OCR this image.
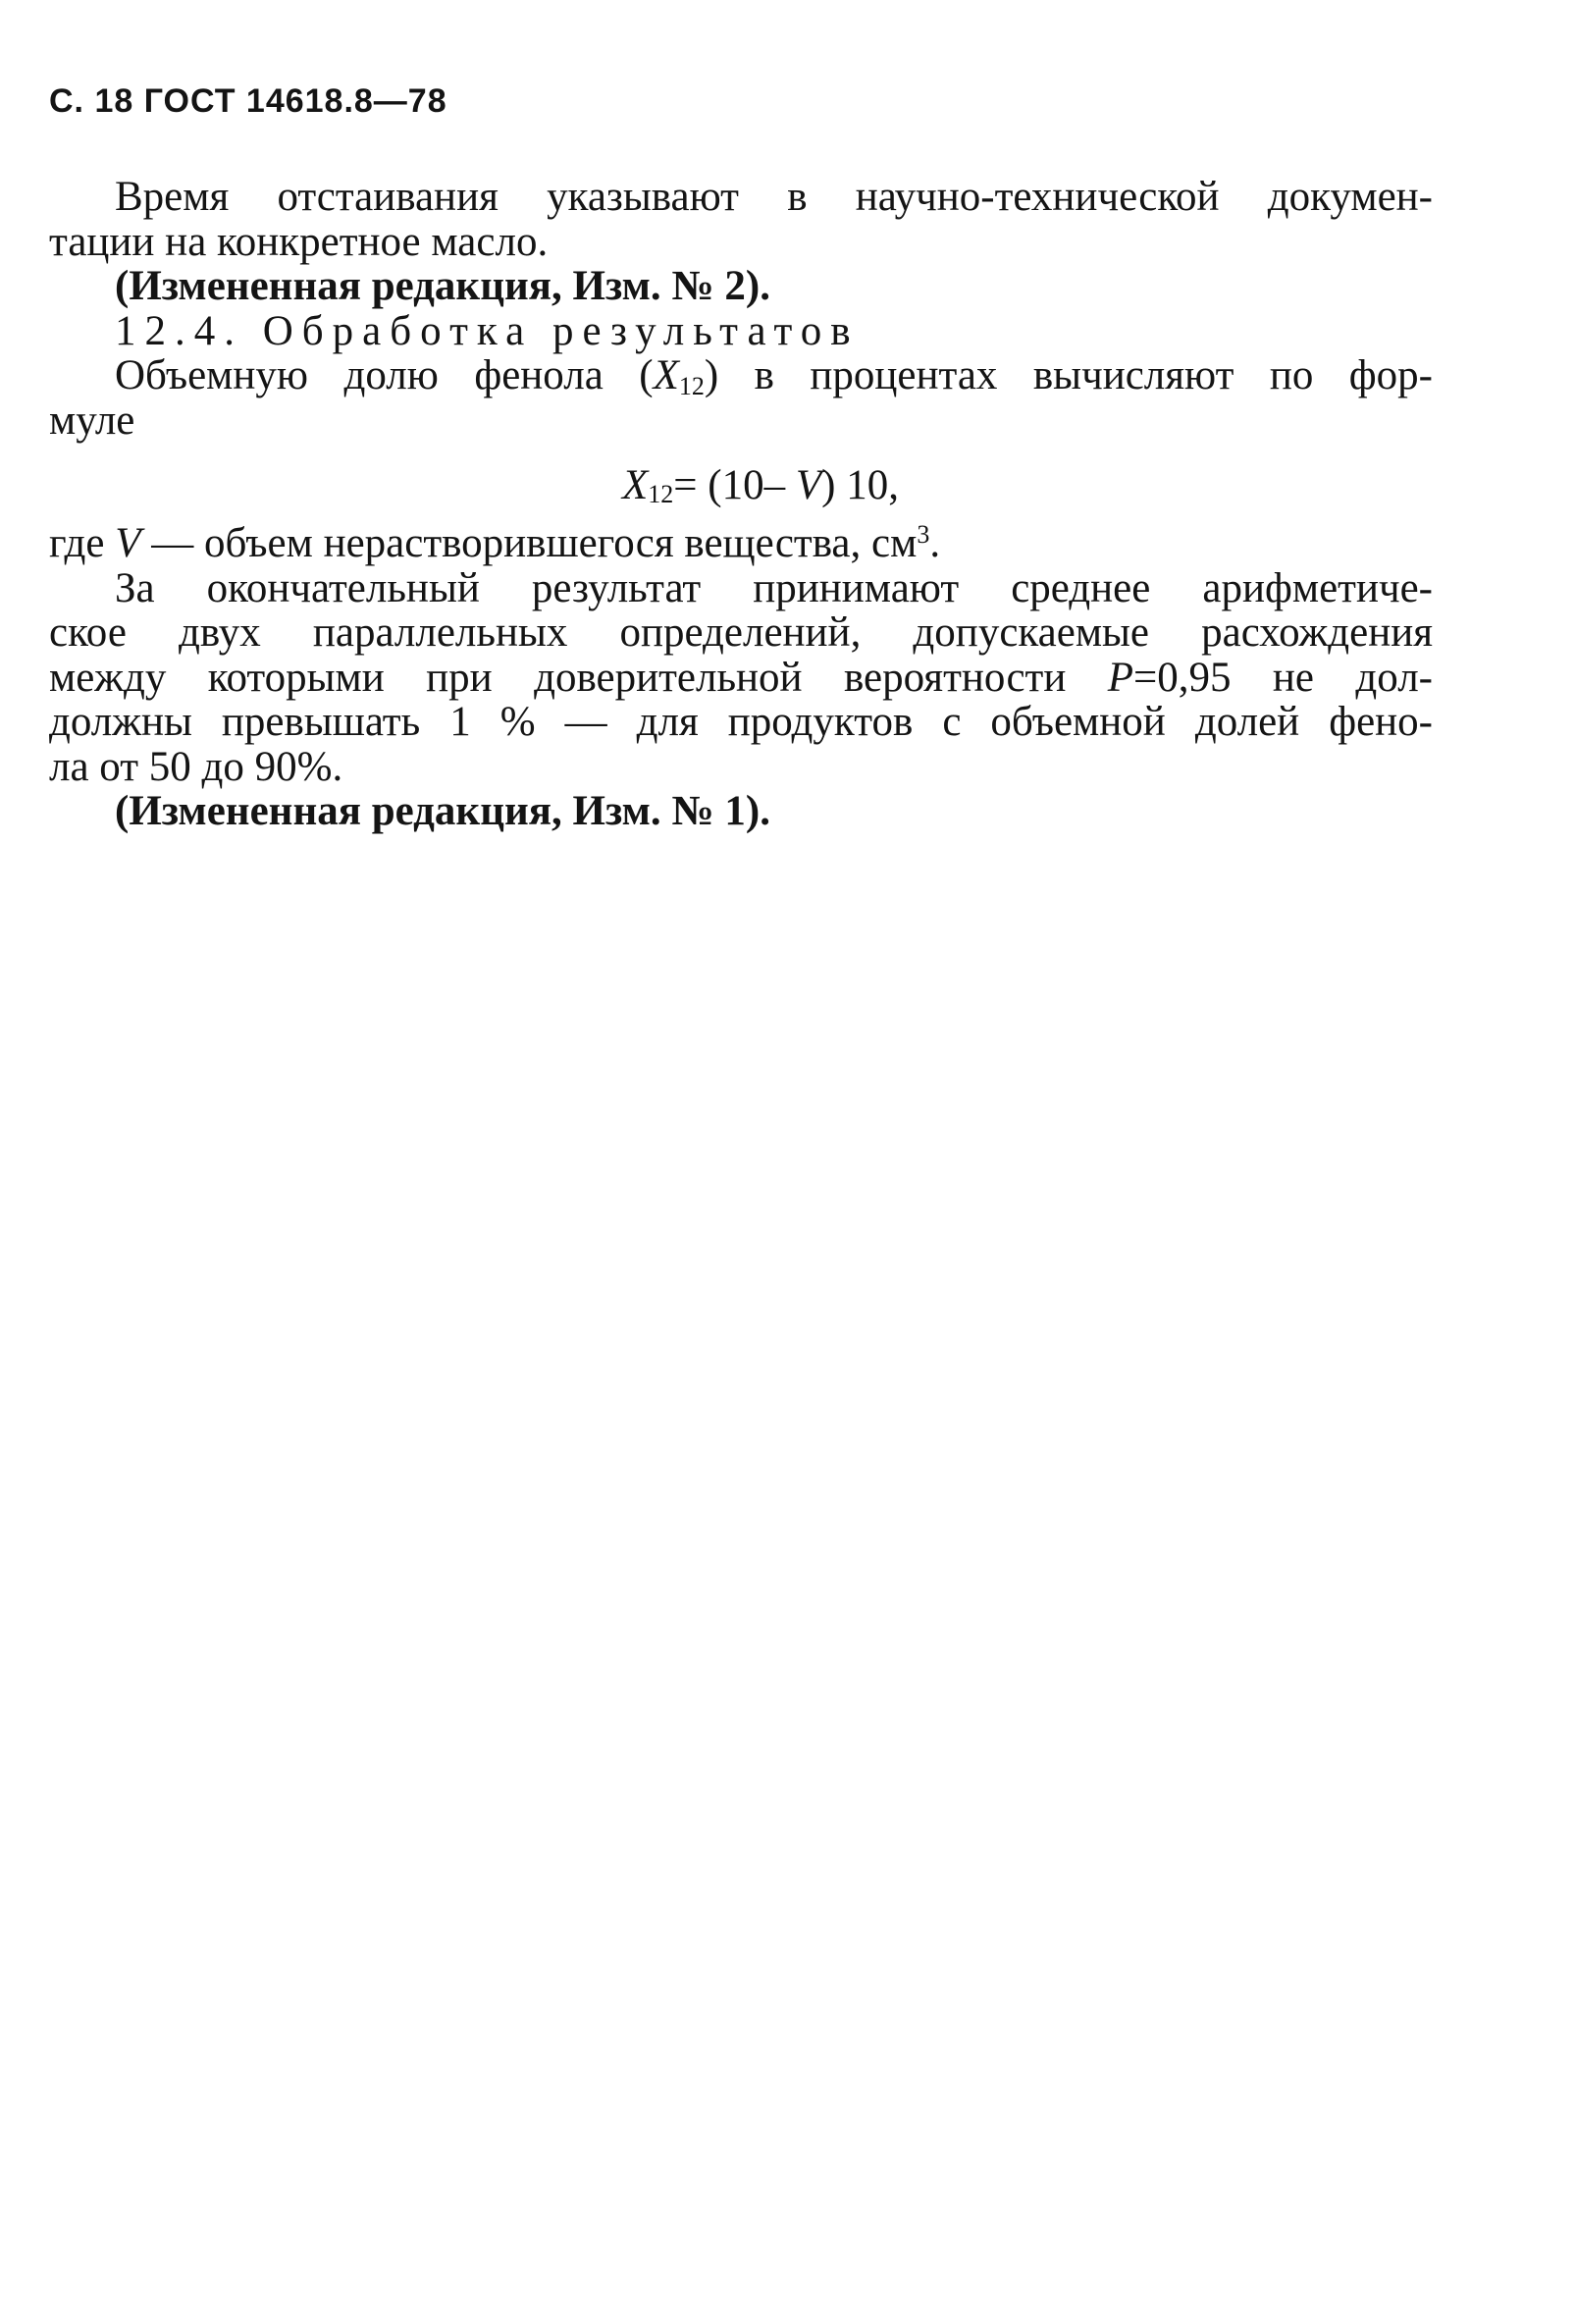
С. 18 ГОСТ 14618.8—78
Время отстаивания указывают в научно-технической докумен-
тации на конкретное масло.
(Измененная редакция, Изм. № 2).
12.4. Обработка результатов
Объемную долю фенола $(X_{12})$ в процентах вычисляют по фор-
муле
$X_{12}= (10-$ V) 10,
где V — объем нерастворившегося вещества, $см^3$.
За окончательный результат принимают среднее арифметиче-
ское двух параллельных определений, допускаемые расхождения
между которыми при доверительной вероятности P=0,95 не дол-
должны превышать 1 % — для продуктов с объемной долей фено-
ла от 50 до 90%.
(Измененная редакция, Изм. № 1).
